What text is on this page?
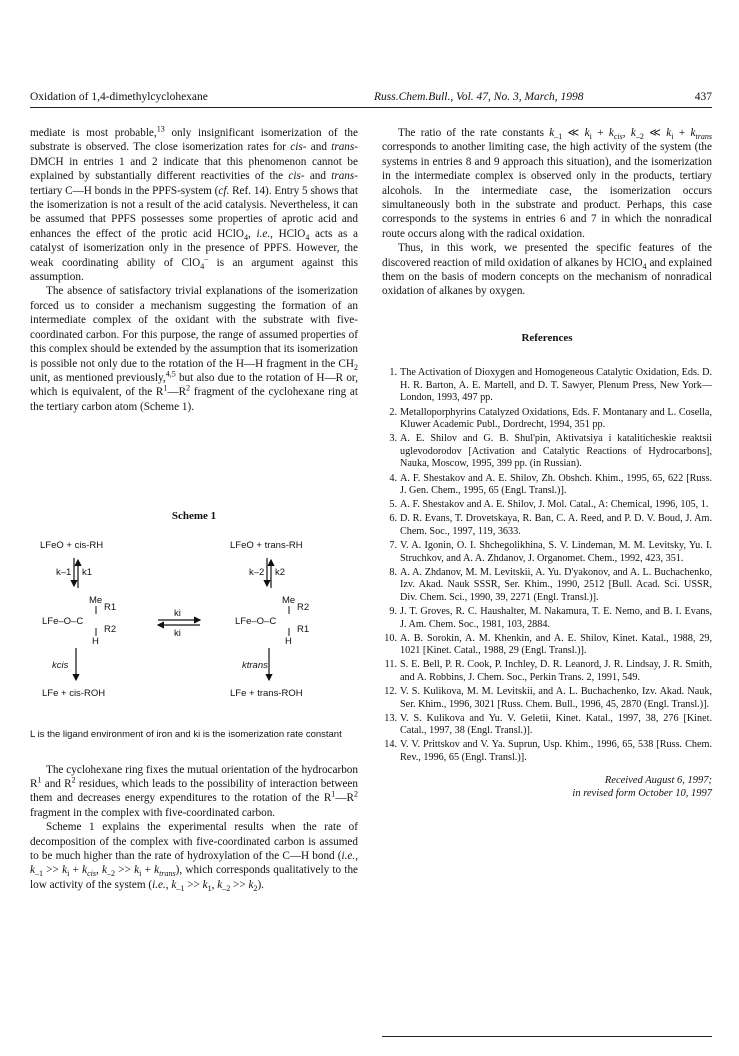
Oxidation of 1,4-dimethylcyclohexane	Russ.Chem.Bull., Vol. 47, No. 3, March, 1998	437

mediate is most probable,$^{13}$ only insignificant isomerization of the substrate is observed. The close isomerization rates for cis- and trans-DMCH in entries 1 and 2 indicate that this phenomenon cannot be explained by substantially different reactivities of the cis- and trans-tertiary C—H bonds in the PPFS-system (cf. Ref. 14). Entry 5 shows that the isomerization is not a result of the acid catalysis. Nevertheless, it can be assumed that PPFS possesses some properties of aprotic acid and enhances the effect of the protic acid HClO$_4$, i.e., HClO$_4$ acts as a catalyst of isomerization only in the presence of PPFS. However, the weak coordinating ability of ClO$_4$– is an argument against this assumption.

The absence of satisfactory trivial explanations of the isomerization forced us to consider a mechanism suggesting the formation of an intermediate complex of the oxidant with the substrate with five-coordinated carbon. For this purpose, the range of assumed properties of this complex should be extended by the assumption that its isomerization is possible not only due to the rotation of the H—H fragment in the $CH_2$ unit, as mentioned previously,$^{4,5}$ but also due to the rotation of H—R or, which is equivalent, of the $R^1—R^2$ fragment of the cyclohexane ring at the tertiary carbon atom (Scheme 1).

Scheme 1
LFeO + cis-RH	LFeO + trans-RH
k–1 k1	k–2 k2
Me
R1
LFe–O–C
R2
H
ki
ki
Me
R2
LFe–O–C
R1
H
kcis	ktrans
LFe + cis-ROH	LFe + trans-ROH
L is the ligand environment of iron and ki is the isomerization rate constant

The cyclohexane ring fixes the mutual orientation of the hydrocarbon $R^1$ and $R^2$ residues, which leads to the possibility of interaction between them and decreases energy expenditures to the rotation of the $R^1—R^2$ fragment in the complex with five-coordinated carbon.

Scheme 1 explains the experimental results when the rate of decomposition of the complex with five-coordinated carbon is assumed to be much higher than the rate of hydroxylation of the C—H bond (i.e., $k_{-1} >> k_i + k_{cis}$, $k_{-2} >> k_i + k_{trans}$), which corresponds qualitatively to the low activity of the system (i.e., $k_{-1} >> k_1$, $k_{-2} >> k_2$).

The ratio of the rate constants $k_{-1}$ ≪ $k_i + k_{cis}$, $k_{-2}$ ≪ $k_i + k_{trans}$ corresponds to another limiting case, the high activity of the system (the systems in entries 8 and 9 approach this situation), and the isomerization in the intermediate complex is observed only in the products, tertiary alcohols. In the intermediate case, the isomerization occurs simultaneously both in the substrate and product. Perhaps, this case corresponds to the systems in entries 6 and 7 in which the nonradical route occurs along with the radical oxidation.

Thus, in this work, we presented the specific features of the discovered reaction of mild oxidation of alkanes by HClO$_4$ and explained them on the basis of modern concepts on the mechanism of nonradical oxidation of alkanes by oxygen.

References
1. The Activation of Dioxygen and Homogeneous Catalytic Oxidation, Eds. D. H. R. Barton, A. E. Martell, and D. T. Sawyer, Plenum Press, New York—London, 1993, 497 pp.
2. Metalloporphyrins Catalyzed Oxidations, Eds. F. Montanary and L. Cosella, Kluwer Academic Publ., Dordrecht, 1994, 351 pp.
3. A. E. Shilov and G. B. Shul'pin, Aktivatsiya i kataliticheskie reaktsii uglevodorodov [Activation and Catalytic Reactions of Hydrocarbons], Nauka, Moscow, 1995, 399 pp. (in Russian).
4. A. F. Shestakov and A. E. Shilov, Zh. Obshch. Khim., 1995, 65, 622 [Russ. J. Gen. Chem., 1995, 65 (Engl. Transl.)].
5. A. F. Shestakov and A. E. Shilov, J. Mol. Catal., A: Chemical, 1996, 105, 1.
6. D. R. Evans, T. Drovetskaya, R. Ban, C. A. Reed, and P. D. V. Boud, J. Am. Chem. Soc., 1997, 119, 3633.
7. V. A. Igonin, O. I. Shchegolikhina, S. V. Lindeman, M. M. Levitsky, Yu. I. Struchkov, and A. A. Zhdanov, J. Organomet. Chem., 1992, 423, 351.
8. A. A. Zhdanov, M. M. Levitskii, A. Yu. D'yakonov, and A. L. Buchachenko, Izv. Akad. Nauk SSSR, Ser. Khim., 1990, 2512 [Bull. Acad. Sci. USSR, Div. Chem. Sci., 1990, 39, 2271 (Engl. Transl.)].
9. J. T. Groves, R. C. Haushalter, M. Nakamura, T. E. Nemo, and B. I. Evans, J. Am. Chem. Soc., 1981, 103, 2884.
10. A. B. Sorokin, A. M. Khenkin, and A. E. Shilov, Kinet. Katal., 1988, 29, 1021 [Kinet. Catal., 1988, 29 (Engl. Transl.)].
11. S. E. Bell, P. R. Cook, P. Inchley, D. R. Leanord, J. R. Lindsay, J. R. Smith, and A. Robbins, J. Chem. Soc., Perkin Trans. 2, 1991, 549.
12. V. S. Kulikova, M. M. Levitskii, and A. L. Buchachenko, Izv. Akad. Nauk, Ser. Khim., 1996, 3021 [Russ. Chem. Bull., 1996, 45, 2870 (Engl. Transl.)].
13. V. S. Kulikova and Yu. V. Geletii, Kinet. Katal., 1997, 38, 276 [Kinet. Catal., 1997, 38 (Engl. Transl.)].
14. V. V. Prittskov and V. Ya. Suprun, Usp. Khim., 1996, 65, 538 [Russ. Chem. Rev., 1996, 65 (Engl. Transl.)].
Received August 6, 1997;
in revised form October 10, 1997
